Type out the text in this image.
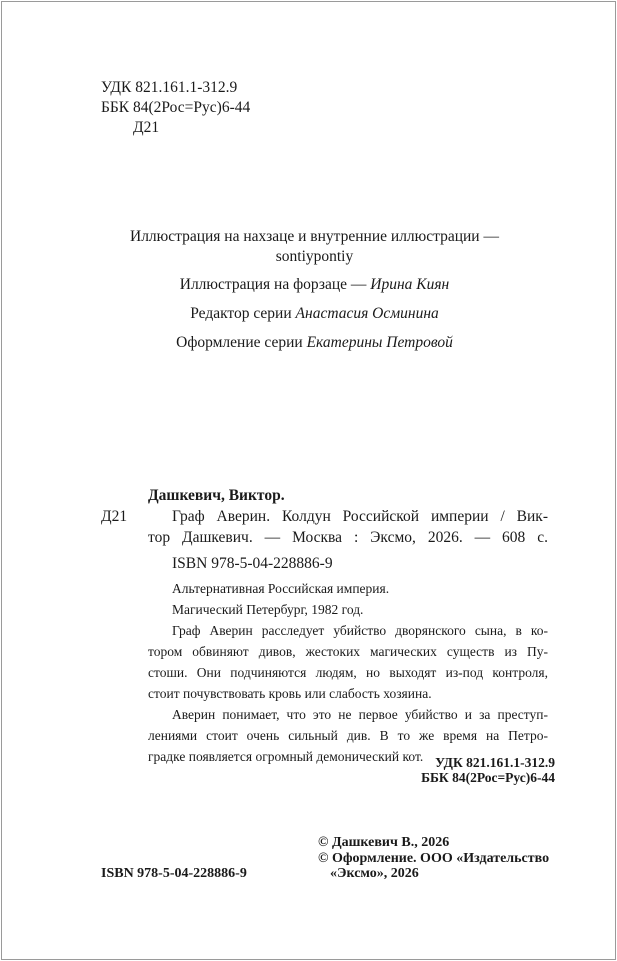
УДК 821.161.1-312.9
ББК 84(2Рос=Рус)6-44
Д21
Иллюстрация на нахзаце и внутренние иллюстрации —
sontiypontiy
Иллюстрация на форзаце — Ирина Киян
Редактор серии Анастасия Осминина
Оформление серии Екатерины Петровой
Дашкевич, Виктор.
Д21	Граф Аверин. Колдун Российской империи / Вик-
тор Дашкевич. — Москва : Эксмо, 2026. — 608 с.
ISBN 978-5-04-228886-9
Альтернативная Российская империя.
Магический Петербург, 1982 год.
Граф Аверин расследует убийство дворянского сына, в ко-
тором обвиняют дивов, жестоких магических существ из Пу-
стоши. Они подчиняются людям, но выходят из-под контроля,
стоит почувствовать кровь или слабость хозяина.
Аверин понимает, что это не первое убийство и за преступ-
лениями стоит очень сильный див. В то же время на Петро-
градке появляется огромный демонический кот. УДК 821.161.1-312.9
ББК 84(2Рос=Рус)6-44
© Дашкевич В., 2026
© Оформление. ООО «Издательство
«Эксмо», 2026
ISBN 978-5-04-228886-9
